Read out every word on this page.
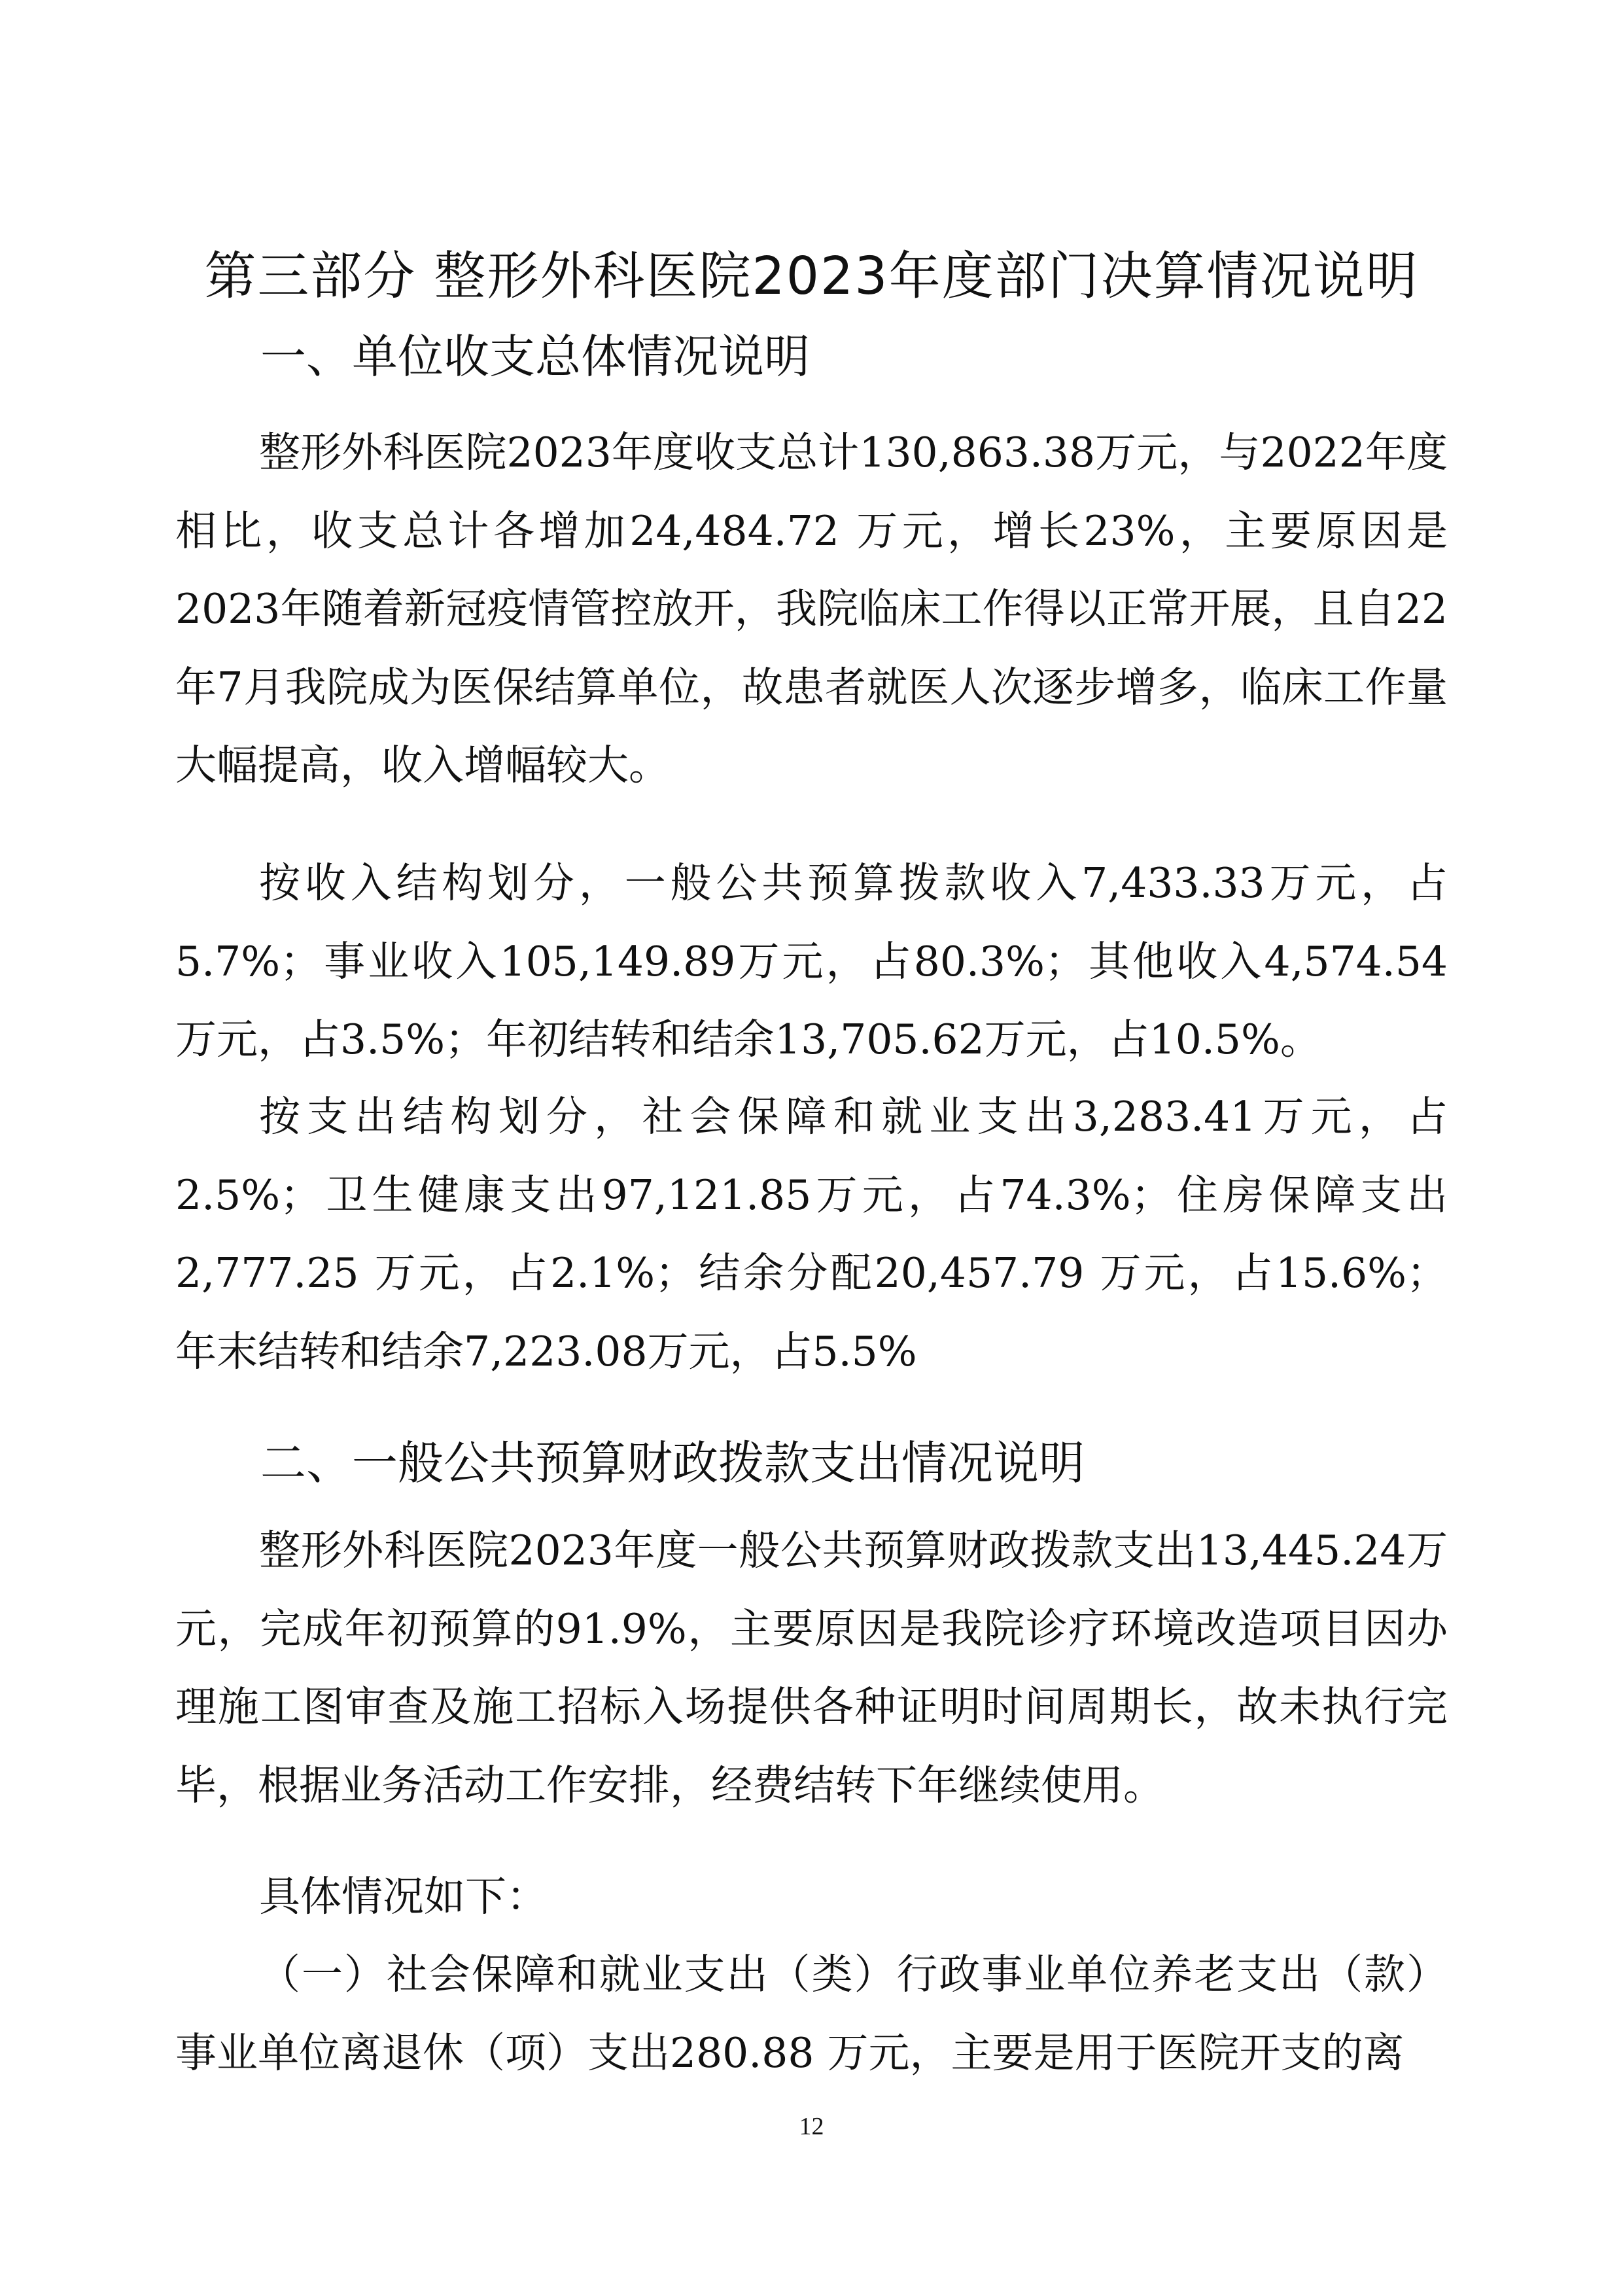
第三部分 整形外科医院2023年度部门决算情况说明
一、单位收支总体情况说明

整形外科医院2023年度收支总计130,863.38万元，与2022年度相比，收支总计各增加24,484.72 万元，增长23%，主要原因是2023年随着新冠疫情管控放开，我院临床工作得以正常开展，且自22年7月我院成为医保结算单位，故患者就医人次逐步增多，临床工作量大幅提高，收入增幅较大。

按收入结构划分，一般公共预算拨款收入7,433.33万元，占5.7%；事业收入105,149.89万元，占80.3%；其他收入4,574.54万元，占3.5%；年初结转和结余13,705.62万元，占10.5%。

按支出结构划分，社会保障和就业支出3,283.41万元，占2.5%；卫生健康支出97,121.85万元，占74.3%；住房保障支出2,777.25 万元，占2.1%；结余分配20,457.79 万元，占15.6%；年末结转和结余7,223.08万元，占5.5%

二、一般公共预算财政拨款支出情况说明

整形外科医院2023年度一般公共预算财政拨款支出13,445.24万元，完成年初预算的91.9%，主要原因是我院诊疗环境改造项目因办理施工图审查及施工招标入场提供各种证明时间周期长，故未执行完毕，根据业务活动工作安排，经费结转下年继续使用。

具体情况如下：

（一）社会保障和就业支出（类）行政事业单位养老支出（款）事业单位离退休（项）支出280.88 万元，主要是用于医院开支的离

12
